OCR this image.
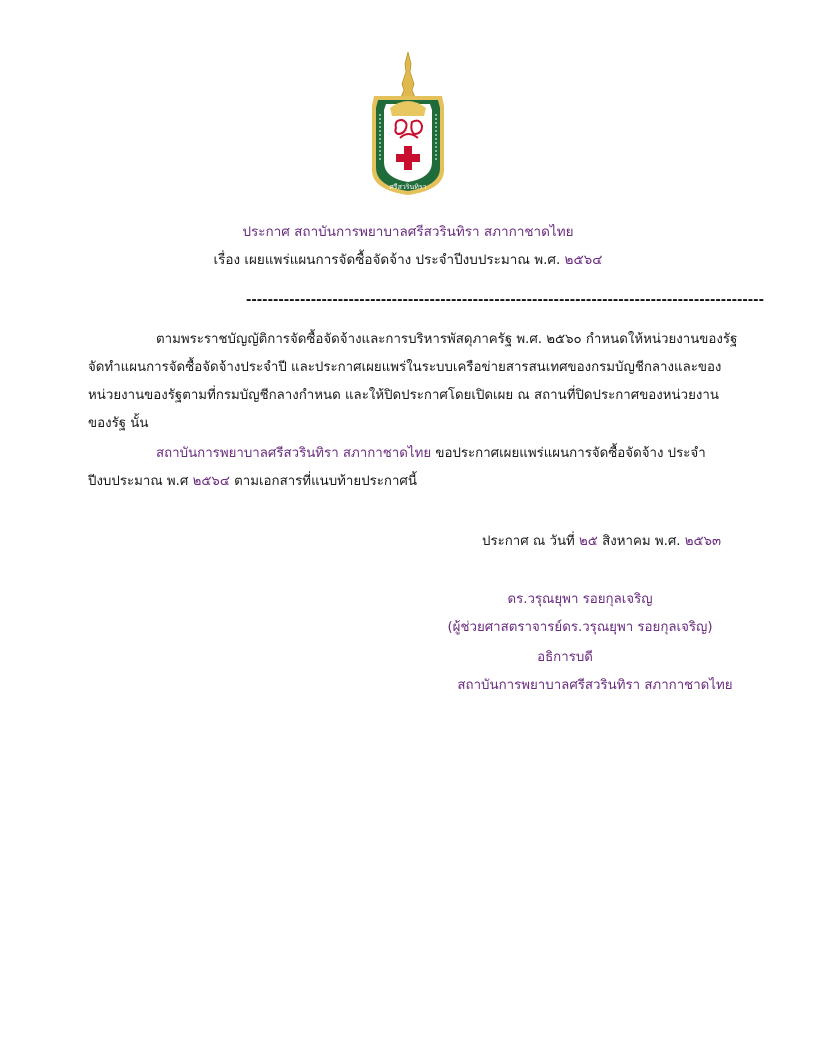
ศรีสวรินทิรา
ประกาศ สถาบันการพยาบาลศรีสวรินทิรา สภากาชาดไทย
เรื่อง เผยแพร่แผนการจัดซื้อจัดจ้าง ประจำปีงบประมาณ พ.ศ. ๒๕๖๔
------------------------------------------------------------------------------------------------
ตามพระราชบัญญัติการจัดซื้อจัดจ้างและการบริหารพัสดุภาครัฐ พ.ศ. ๒๕๖๐ กำหนดให้หน่วยงานของรัฐ
จัดทำแผนการจัดซื้อจัดจ้างประจำปี และประกาศเผยแพร่ในระบบเครือข่ายสารสนเทศของกรมบัญชีกลางและของ
หน่วยงานของรัฐตามที่กรมบัญชีกลางกำหนด และให้ปิดประกาศโดยเปิดเผย ณ สถานที่ปิดประกาศของหน่วยงาน
ของรัฐ นั้น
สถาบันการพยาบาลศรีสวรินทิรา สภากาชาดไทย ขอประกาศเผยแพร่แผนการจัดซื้อจัดจ้าง ประจำ
ปีงบประมาณ พ.ศ ๒๕๖๔ ตามเอกสารที่แนบท้ายประกาศนี้
ประกาศ ณ วันที่ ๒๕ สิงหาคม พ.ศ. ๒๕๖๓
ดร.วรุณยุพา รอยกุลเจริญ
(ผู้ช่วยศาสตราจารย์ดร.วรุณยุพา รอยกุลเจริญ)
อธิการบดี
สถาบันการพยาบาลศรีสวรินทิรา สภากาชาดไทย
